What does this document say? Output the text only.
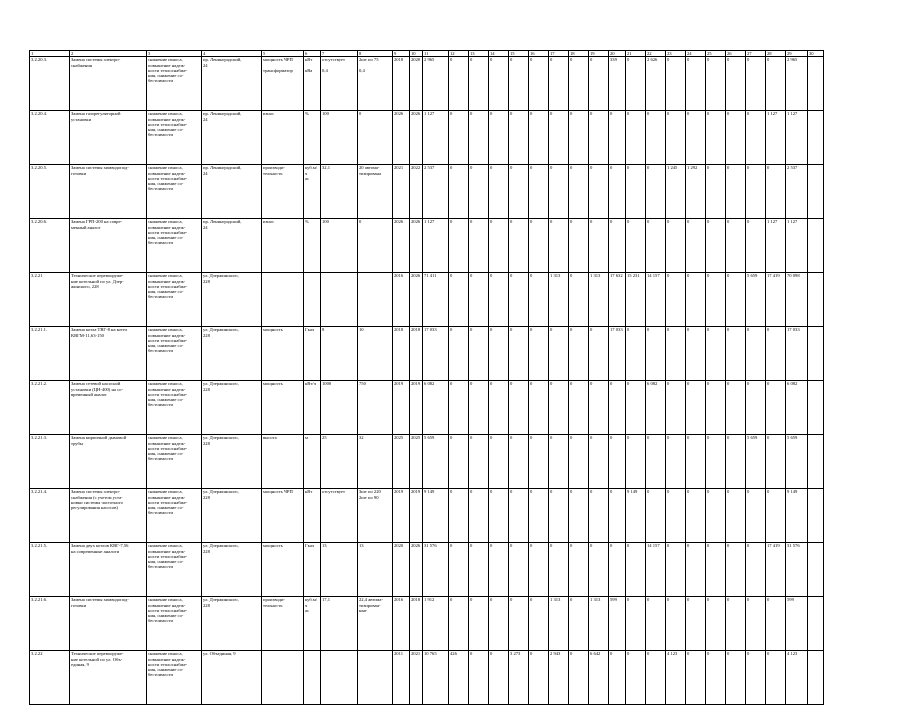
1	2	3	4	5	6	7	8	9	10	11	12	13	14	15	16	17	18	19	20	21	22	23	24	25	26	27	28	29	30
3.2.20.3.	Замена системы электро-
снабжения	снижение износа,
повышение надеж-
ности теплоснабже-
ния, снижение со-
бестоимости	пр. Ленинградский,
24	мощность ЧРП

трансформатор	кВт

кВа	отсутствует

0,4	2шт по 75

0,4	2018	2020	2 965	0	0	0	0	0	0	0	0	339	0	2 626	0	0	0	0	0	0	2 965	
3.2.20.4.	Замена газорегуляторной
установки	снижение износа,
повышение надеж-
ности теплоснабже-
ния, снижение со-
бестоимости	пр. Ленинградский,
24	износ	%	100	0	2026	2026	1 127	0	0	0	0	0	0	0	0	0	0	0	0	0	0	0	0	1 127	1 127	
3.2.20.5.	Замена системы химводопод-
готовки	снижение износа,
повышение надеж-
ности теплоснабже-
ния, снижение со-
бестоимости	пр. Ленинградский,
24	производи-
тельность	куб.м/ч
ас	32,1	20 автома-
тизирована	2021	2022	2 537	0	0	0	0	0	0	0	0	0	0	0	1 245	1 292	0	0	0	0	2 537	
3.2.20.6.	Замена ГРП-200 на совре-
менный аналог	снижение износа,
повышение надеж-
ности теплоснабже-
ния, снижение со-
бестоимости	пр. Ленинградский,
24	износ	%	100	0	2026	2026	1 127	0	0	0	0	0	0	0	0	0	0	0	0	0	0	0	0	1 127	1 127	
3.2.21	Техническое перевооруже-
ние котельной по ул. Дзер-
жинского, 228	снижение износа,
повышение надеж-
ности теплоснабже-
ния, снижение со-
бестоимости	ул. Дзержинского,
228					2016	2026	71 411	0	0	0	0	0	1 313	0	1 313	17 632	15 231	14 157	0	0	0	0	5 659	17 419	70 098	
3.2.21.1.	Замена котла ТВГ-8 на котел
КВГМ-11,63-150	снижение износа,
повышение надеж-
ности теплоснабже-
ния, снижение со-
бестоимости	ул. Дзержинского,
228	мощность	Гкал	8	10	2018	2018	17 033	0	0	0	0	0	0	0	0	17 033	0	0	0	0	0	0	0	0	17 033	
3.2.21.2.	Замена сетевой насосной
установки (ЦН-400) на со-
временный аналог	снижение износа,
повышение надеж-
ности теплоснабже-
ния, снижение со-
бестоимости	ул. Дзержинского,
228	мощность	кВт/ч	1000	750	2019	2019	6 082	0	0	0	0	0	0	0	0	0	0	6 082	0	0	0	0	0	0	6 082	
3.2.21.3.	Замена кирпичной дымовой
трубы	снижение износа,
повышение надеж-
ности теплоснабже-
ния, снижение со-
бестоимости	ул. Дзержинского,
228	высота	м	25	32	2025	2025	5 659	0	0	0	0	0	0	0	0	0	0	0	0	0	0	0	5 659	0	5 659	
3.2.21.4.	Замена системы электро-
снабжения (с учетом уста-
новки системы частотного
регулирования насосов)	снижение износа,
повышение надеж-
ности теплоснабже-
ния, снижение со-
бестоимости	ул. Дзержинского,
228	мощность ЧРП	кВт	отсутствует	3шт по 220
2шт по 90	2019	2019	9 149	0	0	0	0	0	0	0	0	0	9 149	0	0	0	0	0	0	0	9 149	
3.2.21.5.	Замена двух котлов КВГ-7,56
на современные аналоги	снижение износа,
повышение надеж-
ности теплоснабже-
ния, снижение со-
бестоимости	ул. Дзержинского,
228	мощность	Гкал	13	13	2020	2026	31 576	0	0	0	0	0	0	0	0	0	0	14 157	0	0	0	0	0	17 419	31 576	
3.2.21.6.	Замена системы химводопод-
готовки	снижение износа,
повышение надеж-
ности теплоснабже-
ния, снижение со-
бестоимости	ул. Дзержинского,
228	производи-
тельность	куб.м/ч
ас	17,1	22,4 автома-
тизирован-
ные	2016	2018	1 912	0	0	0	0	0	1 313	0	1 313	599	0	0	0	0	0	0	0	0	599	
3.2.22	Техническое перевооруже-
ние котельной по ул. Объ-
единая, 9	снижение износа,
повышение надеж-
ности теплоснабже-
ния, снижение со-
бестоимости	ул. Объединая, 9					2011	2021	10 765	426	0	0	3 273	0	2 943	0	6 642	0	0	0	4 123	0	0	0	0	0	4 123	
